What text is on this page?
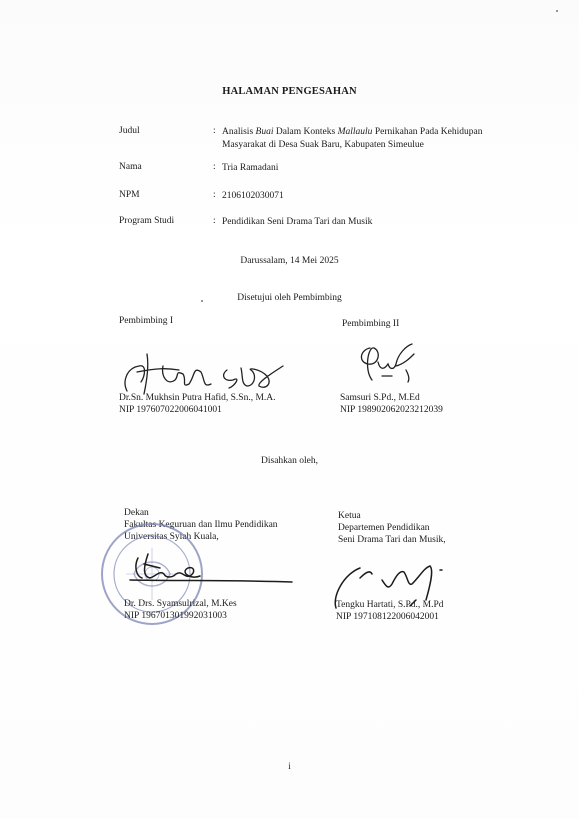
HALAMAN PENGESAHAN
Judul	: Analisis Buai Dalam Konteks Mallaulu Pernikahan Pada Kehidupan
Masyarakat di Desa Suak Baru, Kabupaten Simeulue
Nama	: Tria Ramadani
NPM	: 2106102030071
Program Studi	: Pendidikan Seni Drama Tari dan Musik
Darussalam, 14 Mei 2025
Disetujui oleh Pembimbing
Pembimbing I	Pembimbing II
Dr.Sn. Mukhsin Putra Hafid, S.Sn., M.A.
NIP 197607022006041001
Samsuri S.Pd., M.Ed
NIP 198902062023212039
Disahkan oleh,
Dekan
Fakultas Keguruan dan Ilmu Pendidikan
Universitas Syiah Kuala,
Dr. Drs. Syamsulrizal, M.Kes
NIP 196701301992031003
Ketua
Departemen Pendidikan
Seni Drama Tari dan Musik,
Tengku Hartati, S.Pd., M.Pd
NIP 197108122006042001
i
